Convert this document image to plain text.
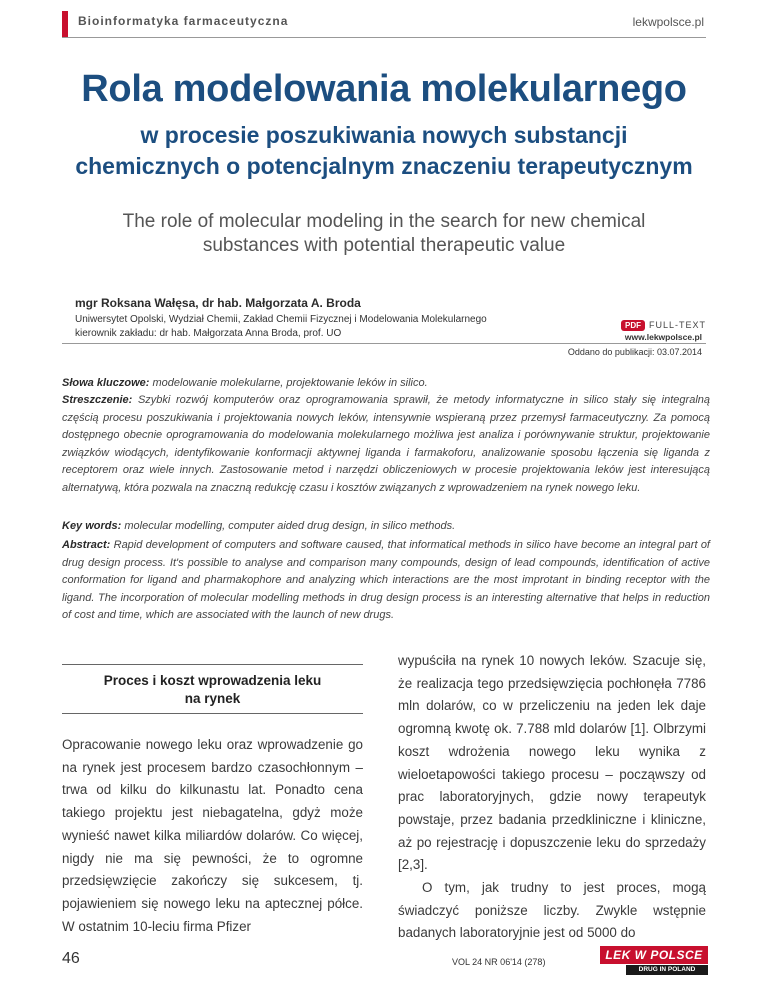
Bioinformatyka farmaceutyczna	lekwpolsce.pl
Rola modelowania molekularnego
w procesie poszukiwania nowych substancji
chemicznych o potencjalnym znaczeniu terapeutycznym
The role of molecular modeling in the search for new chemical substances with potential therapeutic value
mgr Roksana Wałęsa, dr hab. Małgorzata A. Broda
Uniwersytet Opolski, Wydział Chemii, Zakład Chemii Fizycznej i Modelowania Molekularnego
kierownik zakładu: dr hab. Małgorzata Anna Broda, prof. UO
PDF FULL-TEXT
www.lekwpolsce.pl
Oddano do publikacji: 03.07.2014

Słowa kluczowe: modelowanie molekularne, projektowanie leków in silico.

Streszczenie: Szybki rozwój komputerów oraz oprogramowania sprawił, że metody informatyczne in silico stały się integralną częścią procesu poszukiwania i projektowania nowych leków, intensywnie wspieraną przez przemysł farmaceutyczny. Za pomocą dostępnego obecnie oprogramowania do modelowania molekularnego możliwa jest analiza i porównywanie struktur, projektowanie związków wiodących, identyfikowanie konformacji aktywnej liganda i farmakoforu, analizowanie sposobu łączenia się liganda z receptorem oraz wiele innych. Zastosowanie metod i narzędzi obliczeniowych w procesie projektowania leków jest interesującą alternatywą, która pozwala na znaczną redukcję czasu i kosztów związanych z wprowadzeniem na rynek nowego leku.

Key words: molecular modelling, computer aided drug design, in silico methods.

Abstract: Rapid development of computers and software caused, that informatical methods in silico have become an integral part of drug design process. It's possible to analyse and comparison many compounds, design of lead compounds, identification of active conformation for ligand and pharmakophore and analyzing which interactions are the most improtant in binding receptor with the ligand. The incorporation of molecular modelling methods in drug design process is an interesting alternative that helps in reduction of cost and time, which are associated with the launch of new drugs.

Proces i koszt wprowadzenia leku
na rynek

Opracowanie nowego leku oraz wprowadzenie go na rynek jest procesem bardzo czasochłonnym – trwa od kilku do kilkunastu lat. Ponadto cena takiego projektu jest niebagatelna, gdyż może wynieść nawet kilka miliardów dolarów. Co więcej, nigdy nie ma się pewności, że to ogromne przedsięwzięcie zakończy się sukcesem, tj. pojawieniem się nowego leku na aptecznej półce. W ostatnim 10-leciu firma Pfizer

wypuściła na rynek 10 nowych leków. Szacuje się, że realizacja tego przedsięwzięcia pochłonęła 7786 mln dolarów, co w przeliczeniu na jeden lek daje ogromną kwotę ok. 7.788 mld dolarów [1]. Olbrzymi koszt wdrożenia nowego leku wynika z wieloetapowości takiego procesu – począwszy od prac laboratoryjnych, gdzie nowy terapeutyk powstaje, przez badania przedkliniczne i kliniczne, aż po rejestrację i dopuszczenie leku do sprzedaży [2,3].

O tym, jak trudny to jest proces, mogą świadczyć poniższe liczby. Zwykle wstępnie badanych laboratoryjnie jest od 5000 do

46	VOL 24 NR 06'14 (278)	LEK W POLSCE
DRUG IN POLAND
